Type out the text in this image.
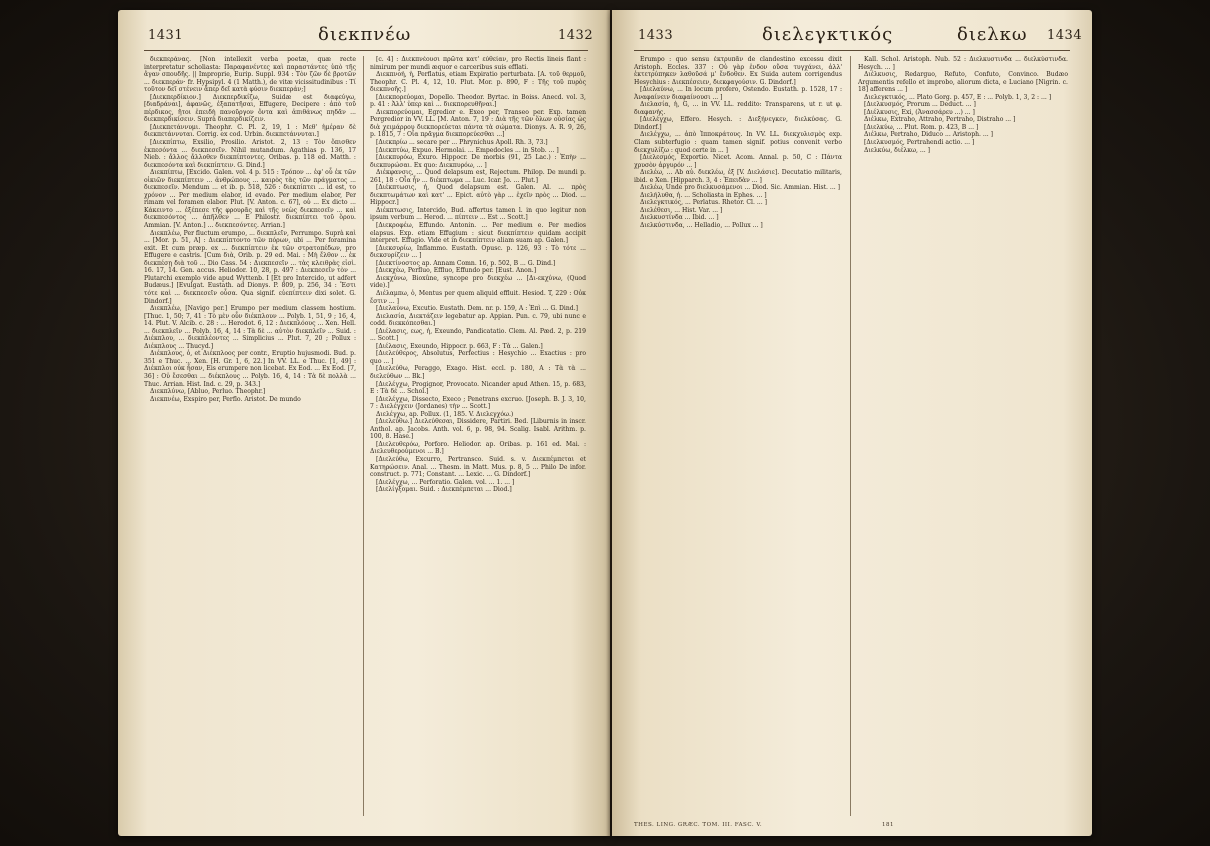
1431	διεκπνέω	1432

διεκπεράνας. [Non intellexit verba poetæ, quæ recte interpretatur scholiasta: Παραφανέντες καὶ παραστάντες ὑπὸ τῆς ἄγαν σπουδῆς. || Improprie, Eurip. Suppl. 934 : Τὸν ζῶν δὲ βροτῶν ... διεκπεράν· fr. Hypsipyl. 4 (1 Matth.), de vitæ vicissitudinibus : Τί τοῦτον δεῖ στένειν ἅπερ δεῖ κατὰ φύσιν διεκπεράν;]

[Διεκπερδίκιον.] Διεκπερδικίζω, Suidæ est διαφεύγω, [διαδράναι], ἀφανῶς, ἐξαπατῆσαι, Effugere, Decipere : ἀπὸ τοῦ πέρδικος, ἤτοι ἐπειδὴ πανοῦργον ὄντα καὶ ἀπιθάνως πηδᾶν ... διεκπερδικίσειν. Suprà διαπερδικίζειν.

[Διεκπετάννυμι. Theophr. C. Pl. 2, 19, 1 : Μεθ' ἡμέραν δὲ διεκπετάννυται. Corrig. ex cod. Urbin. διεκπετάννυται.]

[Διεκπίπτω, Exsilio, Prosilio. Aristot. 2, 13 : Τὸν ὄπισθεν ἐκπεσόντα ... διεκπεσεῖν. Nihil mutandum. Agathias p. 136, 17 Nieb. : ἄλλος ἄλλοθεν διεκπίπτοντες. Oribas. p. 118 ed. Matth. : διεκπεσόντα καὶ διεκπίπτειν. G. Dind.]

Διεκπίπτω, [Excido. Galen. vol. 4 p. 515 : Τρόπον ... ἐφ' οὗ ἐκ τῶν οἰκιῶν διεκπίπτειν ... ἀνθρώπους ... καιρὸς τὰς τῶν πράγματος ... διεκπεσεῖν. Mendum ... et ib. p. 518, 526 : διεκπίπτει ... id est, το χρόνον ... Per medium elabor, id evado. Per medium elabor, Per rimam vel foramen elabor. Plut. [V. Anton. c. 67], οὐ ... Ex dicto ... Κάκειντο ... ἐξέπεσε τῆς φρουρᾶς καὶ τῆς νεὼς διεκπεσεῖν ... καὶ διεκπεσόντος ... ἀπῆλθεν ... Ε Philostr. διεκπίπτει τοῦ ὅρου. Ammian. [V. Anton.] ... διεκπεσόντες. Arrian.]

Διεκπλέω, Per fluctum erumpo, ... διεκπλεῖν, Perrumpo. Suprà καὶ ... [Mor. p. 51, A] : Διεκπίπτοντο τῶν πόρων, ubi ... Per foramina exit. Et cum præp. ex ... διεκπίπτειν ἐκ τῶν στρατοπέδων, pro Effugere e castris. [Cum διὰ, Orib. p. 29 ed. Mai. : Μὴ ἔλθον ... ἐκ διεκπέσῃ διὰ τοῦ ... Dio Cass. 54 : Διεκπεσεῖν ... τὰς κλειθρὰς εἰσὶ. 16. 17, 14. Gen. accus. Heliodor. 10, 28, p. 497 : Διεκπεσεῖν τὸν ... Plutarchi exemplo vide apud Wyttenb. I [Et pro Intercido, ut adfert Budæus.] [Evulgat. Eustath. ad Dionys. P. 809, p. 256, 34 : Ἔστι τότε καὶ ... διεκπεσεῖν οὖσα. Qua signif. εὐεπίπτειν dixi solet. G. Dindorf.]

Διεκπλέω, [Navigo per.] Erumpo per medium classem hostium. [Thuc. 1, 50; 7, 41 : Τὸ μὲν οὖν διέκπλουν ... Polyb. 1, 51, 9 ; 16, 4, 14. Plut. V. Alcib. c. 28 : ... Herodot. 6, 12 : Διεκπλόους ... Xen. Hell. ... διεκπλεῖν ... Polyb. 16, 4, 14 : Τὰ δὲ ... αὐτὸν διεκπλεῖν ... Suid. : Διέκπλου, ... διεκπλέοντες ... Simplicius ... Plut. 7, 20 ; Pollux : Διέκπλους ... Thucyd.]

Διέκπλους, ὁ, et Διέκπλοος per contr., Eruptio hujusmodi. Bud. p. 351 e Thuc. ... Xen. [H. Gr. 1, 6, 22.] In VV. LL. e Thuc. [1, 49] : Διέκπλοι οὐκ ἦσαν, Eis erumpere non licebat. Ex Eod. ... Ex Eod. [7, 36] : Οὐ ἔσεσθαι ... διέκπλους ... Polyb. 16, 4, 14 : Τὰ δὲ πολλὰ ... Thuc. Arrian. Hist. Ind. c. 29, p. 343.]

Διεκπλύνω, [Abluo, Perluo. Theophr.]

Διεκπνέω, Exspiro per, Perflo. Aristot. De mundo

[c. 4] : Διεκπνέουσι πρῶτα κατ' εὐθείαν, pro Rectis lineis flant : nimirum per mundi æquor e carceribus suis efflati.

Διεκπνοή, ἡ, Perflatus, etiam Expiratio perturbata. [A. τοῦ θερμοῦ, Theophr. C. Pl. 4, 12, 10. Plut. Mor. p. 890, F : Τῆς τοῦ πυρὸς διεκπνοῆς.]

[Διεκπορεύομαι, Dopello. Theodor. Byrtac. in Boiss. Anecd. vol. 3, p. 41 : Ἀλλ' ὑπερ καὶ ... διεκπορευθῆναι.]

Διεκπορεύομαι, Egredior e. Exeo per, Transeo per. Exp. tamen Pergredior in VV. LL. [M. Anton. 7, 19 : Διὰ τῆς τῶν ὅλων οὐσίας ὡς διὰ χειμάρρου διεκπορεύεται πάντα τὰ σώματα. Dionys. A. R. 9, 26, p. 1815, 7 : Οἷα πρᾶγμα διεκπορεύεσθαι ...]

[Διεκπρίω ... secare per ... Phrynichus Apoll. Rh. 3, 73.]

[Διεκπτύω, Expuo. Hermolai. ... Empedocles ... in Stob. ... ]

[Διεκπυρόω, Exuro. Hippocr. De morbis (91, 25 Lac.) : Ἐπὴν ... διεκπυρώσαι. Ex quo: Διεκπυρόω, ... ]

Διέκφανσις, ... Quod delapsum est, Rejectum. Philop. De mundi p. 261, 18 : Οἷα ἦν ... διέκπτωμα ... Luc. Icar. Jo. ... Plut.]

[Διέκπτωσις, ἡ, Quod delapsum est. Galen. Al. ... πρὸς διεκπτωμάτων καὶ κατ' ... Epict. αὐτὸ γὰρ ... ἐχεῖν πρὸς ... Diod. ... Hippocr.]

Διέκπτωσις, Intercido, Bud. affertus tamen l. in quo legitur non ipsum verbum ... Herod. ... πίπτειν ... Est ... Scott.]

[Διεκροφέω, Effundo. Antonin. ... Per medium e. Per medios elapsus. Exp. etiam Effugium : sicut διεκπίπτειν quidam accipit interpret. Effugio. Vide et in διεκπίπτειν aliam suam ap. Galen.]

[Διεκσυρίω, Inflammo. Eustath. Opusc. p. 126, 93 : Τὸ τότε ... διεκσυρίζειν ... ]

[Διεκτίνοστος ap. Annam Comn. 16, p. 502, B ... G. Dind.]

[Διεκχέω, Perfluo, Effluo, Effundo per. [Eust. Anon.]

Διεκχύνω, Bioxûne, syncope pro διεκχέω ... [Δι-εκχύνω, (Quod vide).]

Διέλαμπω, ὁ, Mentus per quem aliquid effluit. Hesiod. T, 229 : Οὐκ ἔστιν ... ]

[Διελαύνω, Excutio. Eustath. Dem. nr. p. 159, A : Ἐπὶ ... G. Dind.]

Διελασία, Διεκτάζειν legebatur ap. Appian. Pun. c. 79, ubi nunc e codd. διεκκόπεσθαι.]

[Διέλασις, εως, ἡ, Exeundo, Pandicatatio. Clem. Al. Pæd. 2, p. 219 ... Scott.]

[Διέλασις, Exeundo, Hippocr. p. 663, F : Τὰ ... Galen.]

[Διελεύθερος, Absolutus, Perfectius : Hesychio ... Exactius : pro quo ... ]

[Διελεύθω, Peraggo, Exago. Hist. eccl. p. 180, A : Τὰ τὰ ... διελεύθων ... Bk.]

[Διελέγχω, Progignor, Provocato. Nicander apud Athen. 15, p. 683, E : Τὰ δὲ ... Schol.]

[Διελέγχω, Dissecto, Execo ; Penetrans excruo. [Joseph. B. J. 3, 10, 7 : Διελέγχειν (Jordanes) τὴν ... Scott.]

Διελέγχω, ap. Pollux. (1, 185. V. Διελεγχόω.)

[Διελεύθω.] Διελεύθεσαι, Dissidere, Partiri. Bed. [Liburnis in inscr. Anthol. ap. Jacobs. Anth. vol. 6, p. 98, 94. Scalig. Isabl. Arithm. p. 100, 8. Hase.]

[Διελευθερόω, Porforo. Heliodor. ap. Oribas. p. 161 ed. Mai. : Διελευθερούμενοι ... B.]

[Διελεύθω, Excurro, Pertransco. Suid. s. v. Διεκπέμπεται et Κατηρώσειν. Anal. ... Thesm. in Matt. Mus. p. 8, 5 ... Philo De infor. construct. p. 771; Constant. ... Lexic. ... G. Dindorf.]

[Διελέγχω, ... Perforatio. Galen. vol. ... 1. ... ]

[Διελίγξομαι. Suid. : Διεκπέμπεται ... Diod.]

1433	διελεγκτικός	διελκω 1434

Erumpo : quo sensu ἐκτρυπᾶν de clandestino excessu dixit Aristoph. Eccles. 337 : Οὐ γὰρ ἐνδον οὔσα τυγχάνει, ἀλλ' ἐκτετρύπηκεν λαθοῦσά μ' ἔνδοθεν. Ex Suida autem corrigendus Hesychius : Διεκπέσειεν, διεκφαγούσιν. G. Dindorf.]

[Διελαύνω, ... In locum profero, Ostendo. Eustath. p. 1528, 17 : Ἀναφαίνειν διαφαίνουσι ... ]

Διελασία, ἡ, G, ... in VV. LL. reddito: Transparens, ut r. ut φ. διαφανής.

[Διελέγχω, Effero. Hesych. : Διεξήνεγκεν, διελκύσας. G. Dindorf.]

Διελέγχω, ... ἀπὸ Ἱπποκράτους. In VV. LL. διεκχυλισμὸς exp. Clam subterfugio : quam tamen signif. potius convenit verbo διεκχυλίζω : quod certe in ... ]

[Διελεσμός, Exportio. Nicet. Acom. Annal. p. 50, C : Πάντα χρυσὸν ἀργυρόν ... ]

Διελέω, ... Ab αὐ. διεκλέω, ἐξ [V. Διελάσιε]. Decutatio militaris, ibid. e Xen. [Hipparch. 3, 4 : Ἐπειδὰν ... ]

Διελέω, Unde pro διελκυσάμενοι ... Diod. Sic. Ammian. Hist. ... ]

Διελήλυθα, ἡ. ... Scholiasta in Ephes. ... ]

Διελεγκτικός, ... Perlatus. Rhetor. Cl. ... ]

Διελέθεσι, ... Hist. Var. ... ]

Διελκυστίνδα ... Ibid. ... ]

Διελκύστινδα, ... Helladio, ... Pollux ... ]

Kall. Schol. Aristoph. Nub. 52 : Διελκυστινδα ... διελκύστινδα. Hesych. ... ]

Διέλκυσις, Redarguo, Refuto, Confuto, Convinco. Budæo Argumentis refello et improbo, aliorum dicta, e Luciano [Nigrin. c. 18] afferens ... ]

Διελεγκτικός, ... Plato Gorg. p. 457, E : ... Polyb. 1, 3, 2 : ... ]

[Διελκυσμός, Prorum ... Deduct. ... ]

[Διέλκυσις, Exi, (Ἀνασσάρευ ...) ... ]

Διέλκω, Extraho, Attraho, Pertraho, Distraho ... ]

[Διελκύω, ... Plut. Rom. p. 423, B ... ]

Διέλκω, Pertraho, Diduco ... Aristoph. ... ]

[Διελκυσμός, Pertrahendi actio. ... ]

Διελκύω, διέλκω, ... ]

THES. LING. GRÆC. TOM. III. FASC. V.	181
